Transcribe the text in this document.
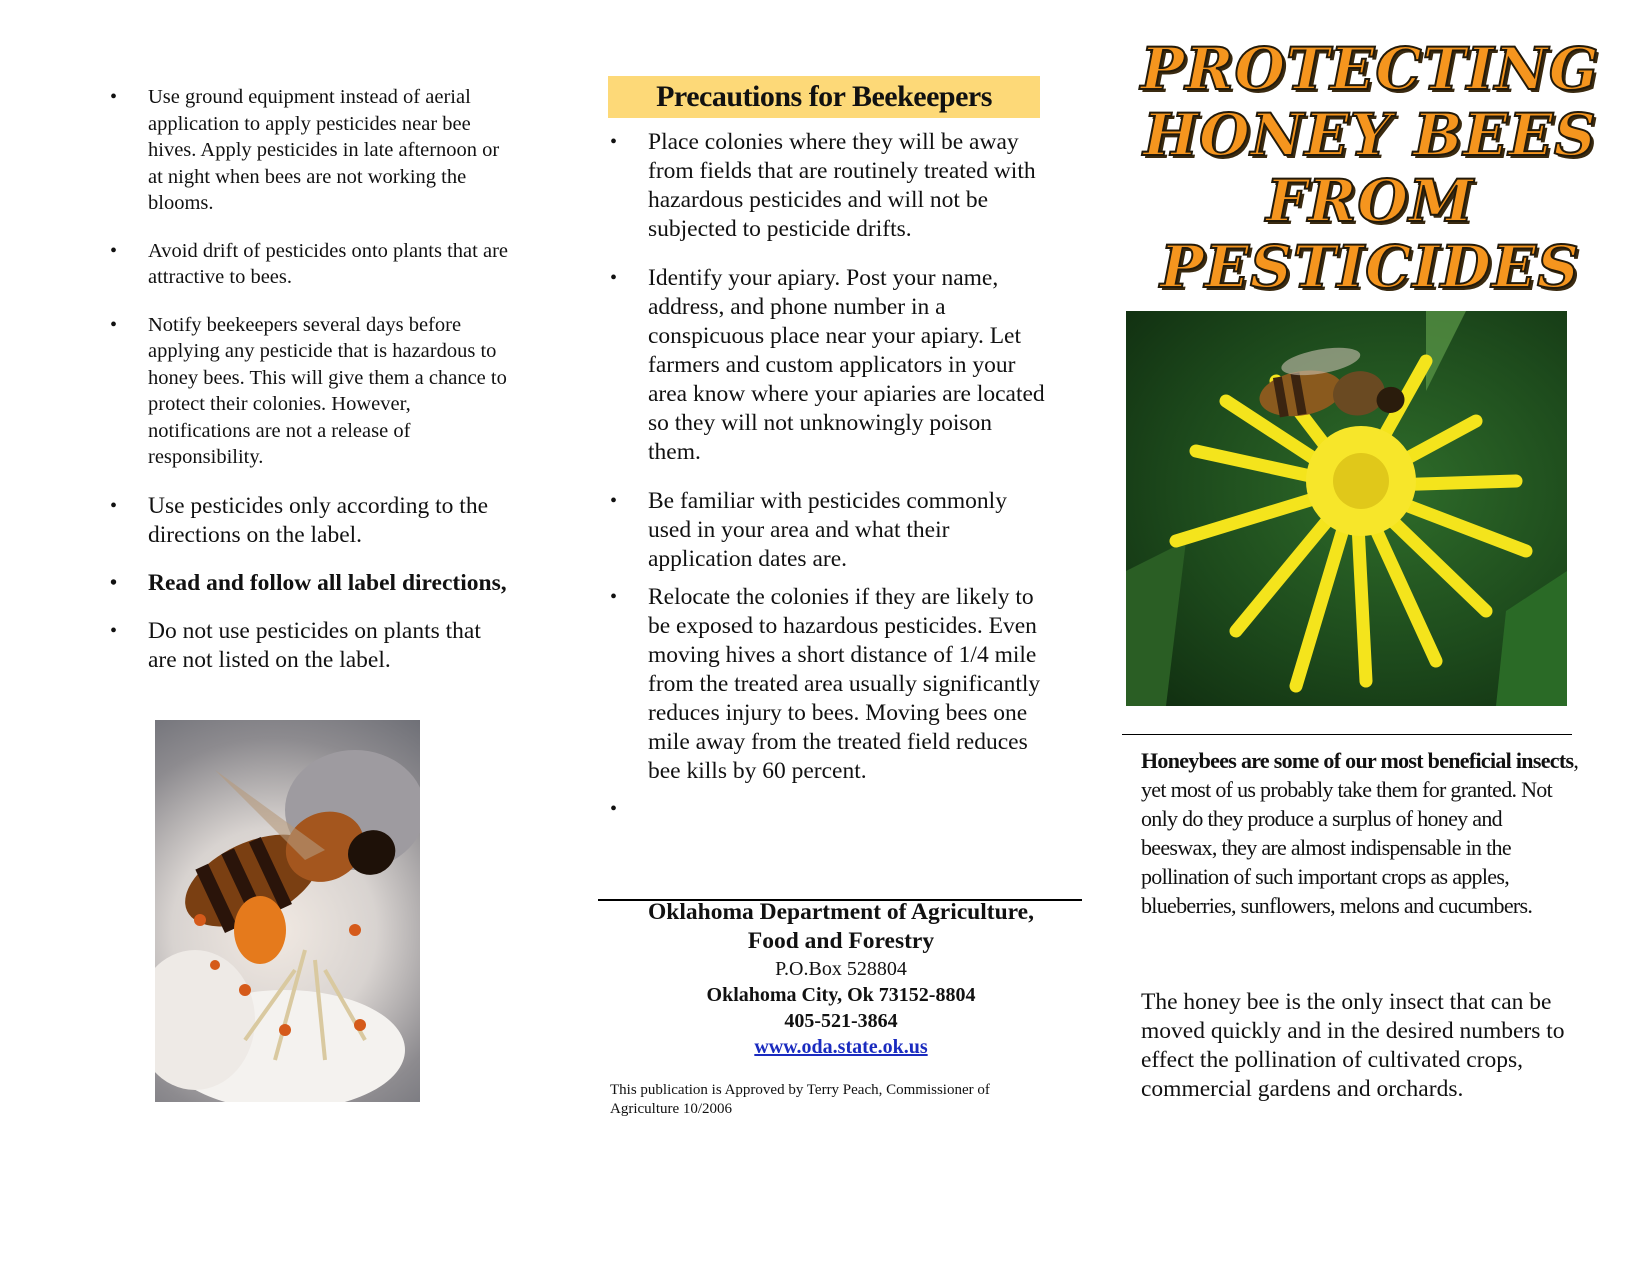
• Use ground equipment instead of aerial application to apply pesticides near bee hives. Apply pesticides in late afternoon or at night when bees are not working the blooms.
• Avoid drift of pesticides onto plants that are attractive to bees.
• Notify beekeepers several days before applying any pesticide that is hazardous to honey bees. This will give them a chance to protect their colonies. However, notifications are not a release of responsibility.
• Use pesticides only according to the directions on the label.
• Read and follow all label directions,
• Do not use pesticides on plants that are not listed on the label.
Precautions for Beekeepers
• Place colonies where they will be away from fields that are routinely treated with hazardous pesticides and will not be subjected to pesticide drifts.
• Identify your apiary. Post your name, address, and phone number in a conspicuous place near your apiary. Let farmers and custom applicators in your area know where your apiaries are located so they will not unknowingly poison them.
• Be familiar with pesticides commonly used in your area and what their application dates are.
• Relocate the colonies if they are likely to be exposed to hazardous pesticides. Even moving hives a short distance of 1/4 mile from the treated area usually significantly reduces injury to bees. Moving bees one mile away from the treated field reduces bee kills by 60 percent.
•
Oklahoma Department of Agriculture,
Food and Forestry
P.O.Box 528804
Oklahoma City, Ok 73152-8804
405-521-3864
www.oda.state.ok.us
This publication is Approved by Terry Peach, Commissioner of Agriculture 10/2006
PROTECTING
HONEY BEES
FROM
PESTICIDES
Honeybees are some of our most beneficial insects, yet most of us probably take them for granted. Not only do they produce a surplus of honey and beeswax, they are almost indispensable in the pollination of such important crops as apples, blueberries, sunflowers, melons and cucumbers.
The honey bee is the only insect that can be moved quickly and in the desired numbers to effect the pollination of cultivated crops, commercial gardens and orchards.
